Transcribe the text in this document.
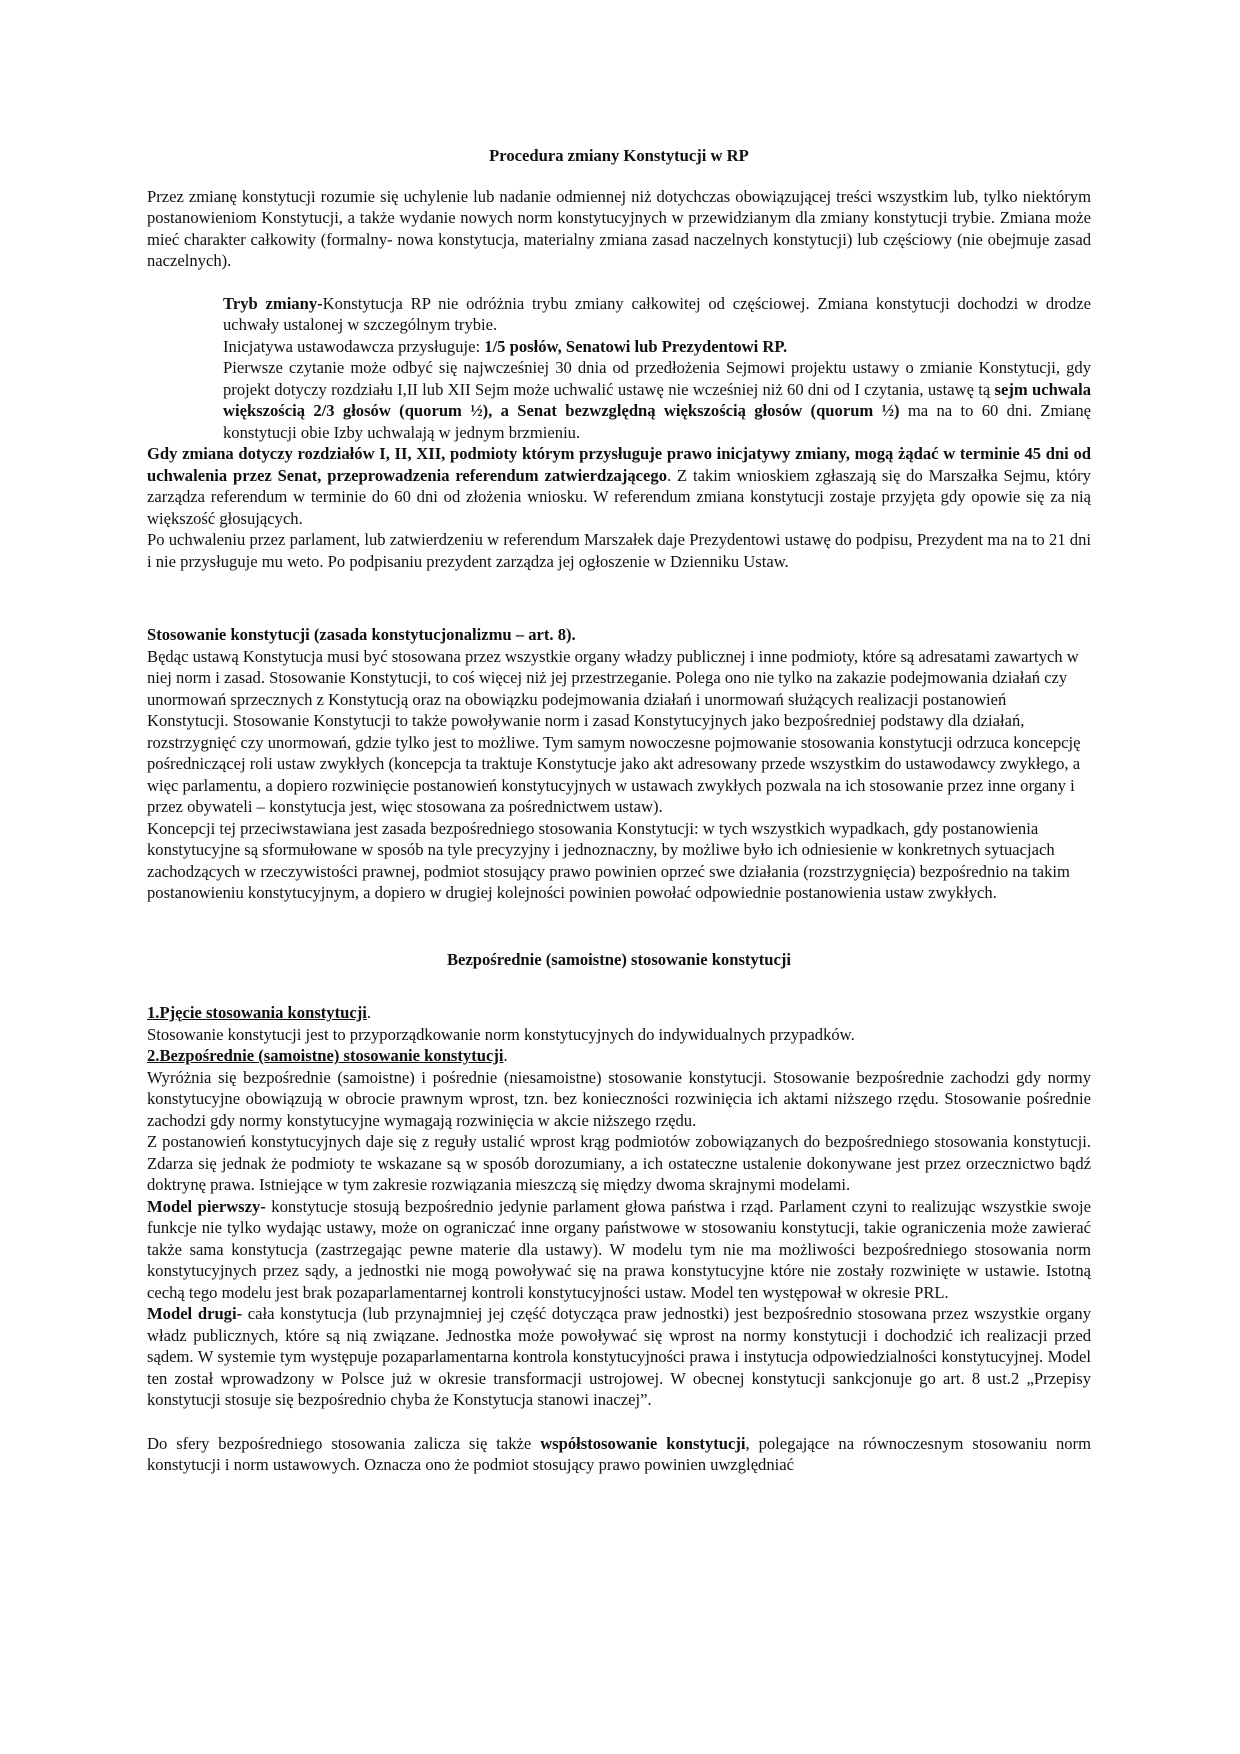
Procedura zmiany Konstytucji w RP

Przez zmianę konstytucji rozumie się uchylenie lub nadanie odmiennej niż dotychczas obowiązującej treści wszystkim lub, tylko niektórym postanowieniom Konstytucji, a także wydanie nowych norm konstytucyjnych w przewidzianym dla zmiany konstytucji trybie. Zmiana może mieć charakter całkowity (formalny- nowa konstytucja, materialny zmiana zasad naczelnych konstytucji) lub częściowy (nie obejmuje zasad naczelnych).

Tryb zmiany-Konstytucja RP nie odróżnia trybu zmiany całkowitej od częściowej. Zmiana konstytucji dochodzi w drodze uchwały ustalonej w szczególnym trybie.

Inicjatywa ustawodawcza przysługuje: 1/5 posłów, Senatowi lub Prezydentowi RP.

Pierwsze czytanie może odbyć się najwcześniej 30 dnia od przedłożenia Sejmowi projektu ustawy o zmianie Konstytucji, gdy projekt dotyczy rozdziału I,II lub XII Sejm może uchwalić ustawę nie wcześniej niż 60 dni od I czytania, ustawę tą sejm uchwala większością 2/3 głosów (quorum ½), a Senat bezwzględną większością głosów (quorum ½) ma na to 60 dni. Zmianę konstytucji obie Izby uchwalają w jednym brzmieniu.

Gdy zmiana dotyczy rozdziałów I, II, XII, podmioty którym przysługuje prawo inicjatywy zmiany, mogą żądać w terminie 45 dni od uchwalenia przez Senat, przeprowadzenia referendum zatwierdzającego. Z takim wnioskiem zgłaszają się do Marszałka Sejmu, który zarządza referendum w terminie do 60 dni od złożenia wniosku. W referendum zmiana konstytucji zostaje przyjęta gdy opowie się za nią większość głosujących.

Po uchwaleniu przez parlament, lub zatwierdzeniu w referendum Marszałek daje Prezydentowi ustawę do podpisu, Prezydent ma na to 21 dni i nie przysługuje mu weto. Po podpisaniu prezydent zarządza jej ogłoszenie w Dzienniku Ustaw.

Stosowanie konstytucji (zasada konstytucjonalizmu – art. 8).

Będąc ustawą Konstytucja musi być stosowana przez wszystkie organy władzy publicznej i inne podmioty, które są adresatami zawartych w niej norm i zasad. Stosowanie Konstytucji, to coś więcej niż jej przestrzeganie. Polega ono nie tylko na zakazie podejmowania działań czy unormowań sprzecznych z Konstytucją oraz na obowiązku podejmowania działań i unormowań służących realizacji postanowień Konstytucji. Stosowanie Konstytucji to także powoływanie norm i zasad Konstytucyjnych jako bezpośredniej podstawy dla działań, rozstrzygnięć czy unormowań, gdzie tylko jest to możliwe. Tym samym nowoczesne pojmowanie stosowania konstytucji odrzuca koncepcję pośredniczącej roli ustaw zwykłych (koncepcja ta traktuje Konstytucje jako akt adresowany przede wszystkim do ustawodawcy zwykłego, a więc parlamentu, a dopiero rozwinięcie postanowień konstytucyjnych w ustawach zwykłych pozwala na ich stosowanie przez inne organy i przez obywateli – konstytucja jest, więc stosowana za pośrednictwem ustaw).

Koncepcji tej przeciwstawiana jest zasada bezpośredniego stosowania Konstytucji: w tych wszystkich wypadkach, gdy postanowienia konstytucyjne są sformułowane w sposób na tyle precyzyjny i jednoznaczny, by możliwe było ich odniesienie w konkretnych sytuacjach zachodzących w rzeczywistości prawnej, podmiot stosujący prawo powinien oprzeć swe działania (rozstrzygnięcia) bezpośrednio na takim postanowieniu konstytucyjnym, a dopiero w drugiej kolejności powinien powołać odpowiednie postanowienia ustaw zwykłych.

Bezpośrednie (samoistne) stosowanie konstytucji

1.Pjęcie stosowania konstytucji.

Stosowanie konstytucji jest to przyporządkowanie norm konstytucyjnych do indywidualnych przypadków.

2.Bezpośrednie (samoistne) stosowanie konstytucji.

Wyróżnia się bezpośrednie (samoistne) i pośrednie (niesamoistne) stosowanie konstytucji. Stosowanie bezpośrednie zachodzi gdy normy konstytucyjne obowiązują w obrocie prawnym wprost, tzn. bez konieczności rozwinięcia ich aktami niższego rzędu. Stosowanie pośrednie zachodzi gdy normy konstytucyjne wymagają rozwinięcia w akcie niższego rzędu.

Z postanowień konstytucyjnych daje się z reguły ustalić wprost krąg podmiotów zobowiązanych do bezpośredniego stosowania konstytucji. Zdarza się jednak że podmioty te wskazane są w sposób dorozumiany, a ich ostateczne ustalenie dokonywane jest przez orzecznictwo bądź doktrynę prawa. Istniejące w tym zakresie rozwiązania mieszczą się między dwoma skrajnymi modelami.

Model pierwszy- konstytucje stosują bezpośrednio jedynie parlament głowa państwa i rząd. Parlament czyni to realizując wszystkie swoje funkcje nie tylko wydając ustawy, może on ograniczać inne organy państwowe w stosowaniu konstytucji, takie ograniczenia może zawierać także sama konstytucja (zastrzegając pewne materie dla ustawy). W modelu tym nie ma możliwości bezpośredniego stosowania norm konstytucyjnych przez sądy, a jednostki nie mogą powoływać się na prawa konstytucyjne które nie zostały rozwinięte w ustawie. Istotną cechą tego modelu jest brak pozaparlamentarnej kontroli konstytucyjności ustaw. Model ten występował w okresie PRL.

Model drugi- cała konstytucja (lub przynajmniej jej część dotycząca praw jednostki) jest bezpośrednio stosowana przez wszystkie organy władz publicznych, które są nią związane. Jednostka może powoływać się wprost na normy konstytucji i dochodzić ich realizacji przed sądem. W systemie tym występuje pozaparlamentarna kontrola konstytucyjności prawa i instytucja odpowiedzialności konstytucyjnej. Model ten został wprowadzony w Polsce już w okresie transformacji ustrojowej. W obecnej konstytucji sankcjonuje go art. 8 ust.2 „Przepisy konstytucji stosuje się bezpośrednio chyba że Konstytucja stanowi inaczej”.

Do sfery bezpośredniego stosowania zalicza się także współstosowanie konstytucji, polegające na równoczesnym stosowaniu norm konstytucji i norm ustawowych. Oznacza ono że podmiot stosujący prawo powinien uwzględniać
